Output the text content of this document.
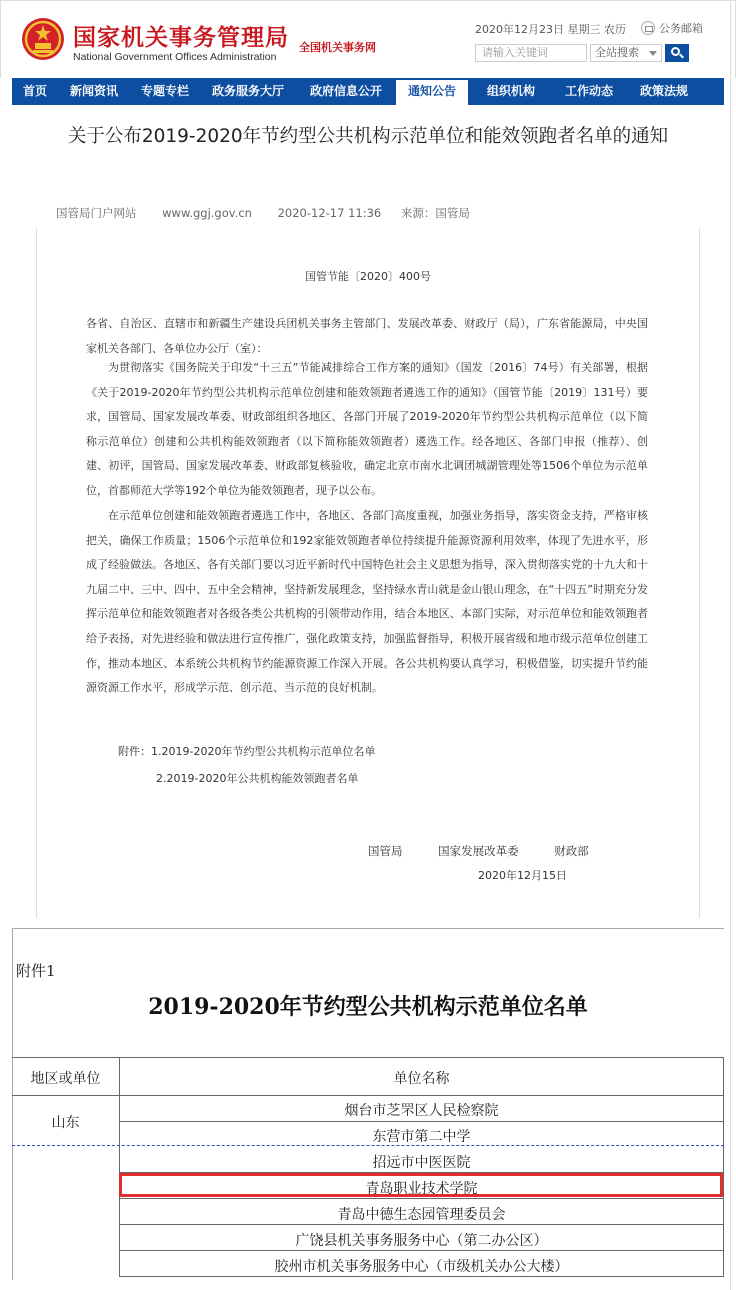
国家机关事务管理局
National Government Offices Administration
全国机关事务网
2020年12月23日 星期三 农历	公务邮箱
请输入关键词	全站搜索
首页	新闻资讯	专题专栏	政务服务大厅	政府信息公开	通知公告	组织机构	工作动态	政策法规
关于公布2019-2020年节约型公共机构示范单位和能效领跑者名单的通知
国管局门户网站 www.ggj.gov.cn 2020-12-17 11:36 来源：国管局
国管节能〔2020〕400号
各省、自治区、直辖市和新疆生产建设兵团机关事务主管部门、发展改革委、财政厅（局），广东省能源局，中央国家机关各部门、各单位办公厅（室）：
为贯彻落实《国务院关于印发“十三五”节能减排综合工作方案的通知》（国发〔2016〕74号）有关部署，根据《关于2019-2020年节约型公共机构示范单位创建和能效领跑者遴选工作的通知》（国管节能〔2019〕131号）要求，国管局、国家发展改革委、财政部组织各地区、各部门开展了2019-2020年节约型公共机构示范单位（以下简称示范单位）创建和公共机构能效领跑者（以下简称能效领跑者）遴选工作。经各地区、各部门申报（推荐）、创建、初评，国管局、国家发展改革委、财政部复核验收，确定北京市南水北调团城湖管理处等1506个单位为示范单位，首都师范大学等192个单位为能效领跑者，现予以公布。
在示范单位创建和能效领跑者遴选工作中，各地区、各部门高度重视，加强业务指导，落实资金支持，严格审核把关，确保工作质量；1506个示范单位和192家能效领跑者单位持续提升能源资源利用效率，体现了先进水平，形成了经验做法。各地区、各有关部门要以习近平新时代中国特色社会主义思想为指导，深入贯彻落实党的十九大和十九届二中、三中、四中、五中全会精神，坚持新发展理念，坚持绿水青山就是金山银山理念，在“十四五”时期充分发挥示范单位和能效领跑者对各级各类公共机构的引领带动作用，结合本地区、本部门实际，对示范单位和能效领跑者给予表扬，对先进经验和做法进行宣传推广，强化政策支持，加强监督指导，积极开展省级和地市级示范单位创建工作，推动本地区、本系统公共机构节约能源资源工作深入开展。各公共机构要认真学习，积极借鉴，切实提升节约能源资源工作水平，形成学示范、创示范、当示范的良好机制。
附件：1.2019-2020年节约型公共机构示范单位名单
2.2019-2020年公共机构能效领跑者名单
国管局	国家发展改革委	财政部
2020年12月15日
附件1
2019-2020年节约型公共机构示范单位名单
地区或单位	单位名称
山东
烟台市芝罘区人民检察院
东营市第二中学
招远市中医医院
青岛职业技术学院
青岛中德生态园管理委员会
广饶县机关事务服务中心（第二办公区）
胶州市机关事务服务中心（市级机关办公大楼）
